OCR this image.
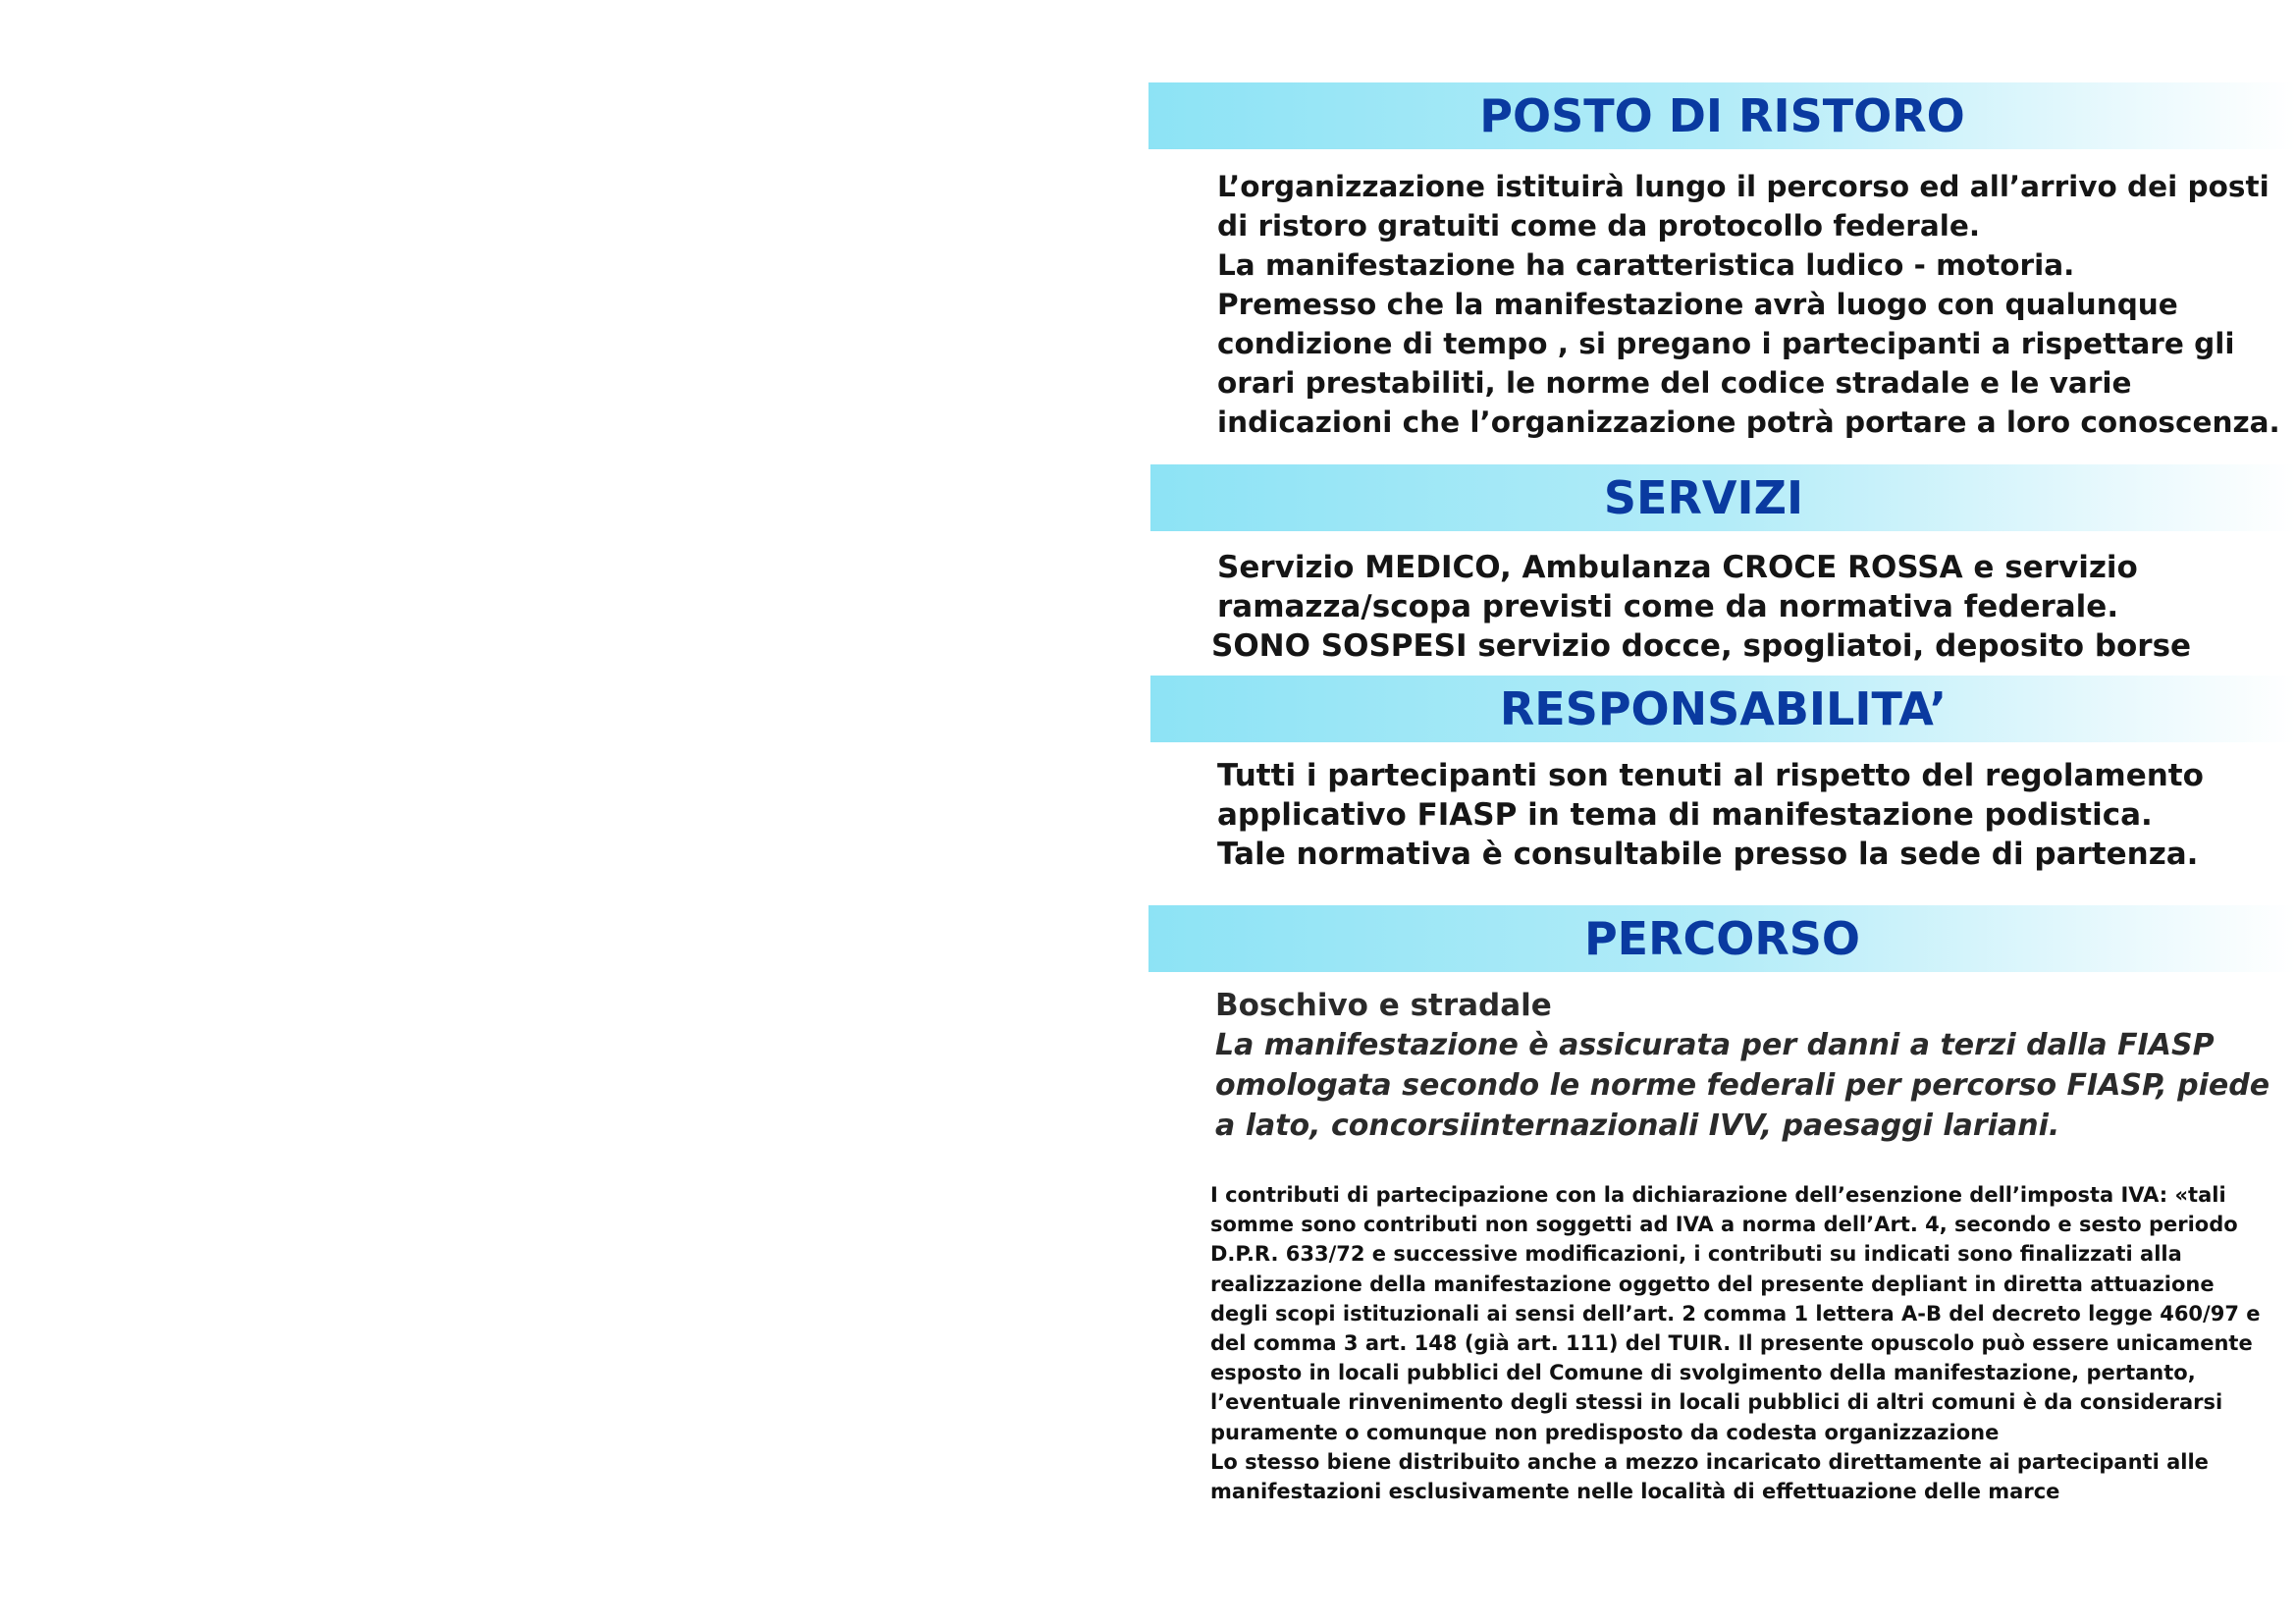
POSTO DI RISTORO
L’organizzazione istituirà lungo il percorso ed all’arrivo dei posti
di ristoro gratuiti come da protocollo federale.
La manifestazione ha caratteristica ludico - motoria.
Premesso che la manifestazione avrà luogo con qualunque
condizione di tempo , si pregano i partecipanti a rispettare gli
orari prestabiliti, le norme del codice stradale e le varie
indicazioni che l’organizzazione potrà portare a loro conoscenza.
SERVIZI
Servizio MEDICO, Ambulanza CROCE ROSSA e servizio
ramazza/scopa previsti come da normativa federale.
SONO SOSPESI servizio docce, spogliatoi, deposito borse
RESPONSABILITA’
Tutti i partecipanti son tenuti al rispetto del regolamento
applicativo FIASP in tema di manifestazione podistica.
Tale normativa è consultabile presso la sede di partenza.
PERCORSO
Boschivo e stradale
La manifestazione è assicurata per danni a terzi dalla FIASP
omologata secondo le norme federali per percorso FIASP, piede
a lato, concorsiinternazionali IVV, paesaggi lariani.
I contributi di partecipazione con la dichiarazione dell’esenzione dell’imposta IVA: «tali
somme sono contributi non soggetti ad IVA a norma dell’Art. 4, secondo e sesto periodo
D.P.R. 633/72 e successive modificazioni, i contributi su indicati sono finalizzati alla
realizzazione della manifestazione oggetto del presente depliant in diretta attuazione
degli scopi istituzionali ai sensi dell’art. 2 comma 1 lettera A-B del decreto legge 460/97 e
del comma 3 art. 148 (già art. 111) del TUIR. Il presente opuscolo può essere unicamente
esposto in locali pubblici del Comune di svolgimento della manifestazione, pertanto,
l’eventuale rinvenimento degli stessi in locali pubblici di altri comuni è da considerarsi
puramente o comunque non predisposto da codesta organizzazione
Lo stesso biene distribuito anche a mezzo incaricato direttamente ai partecipanti alle
manifestazioni esclusivamente nelle località di effettuazione delle marce
